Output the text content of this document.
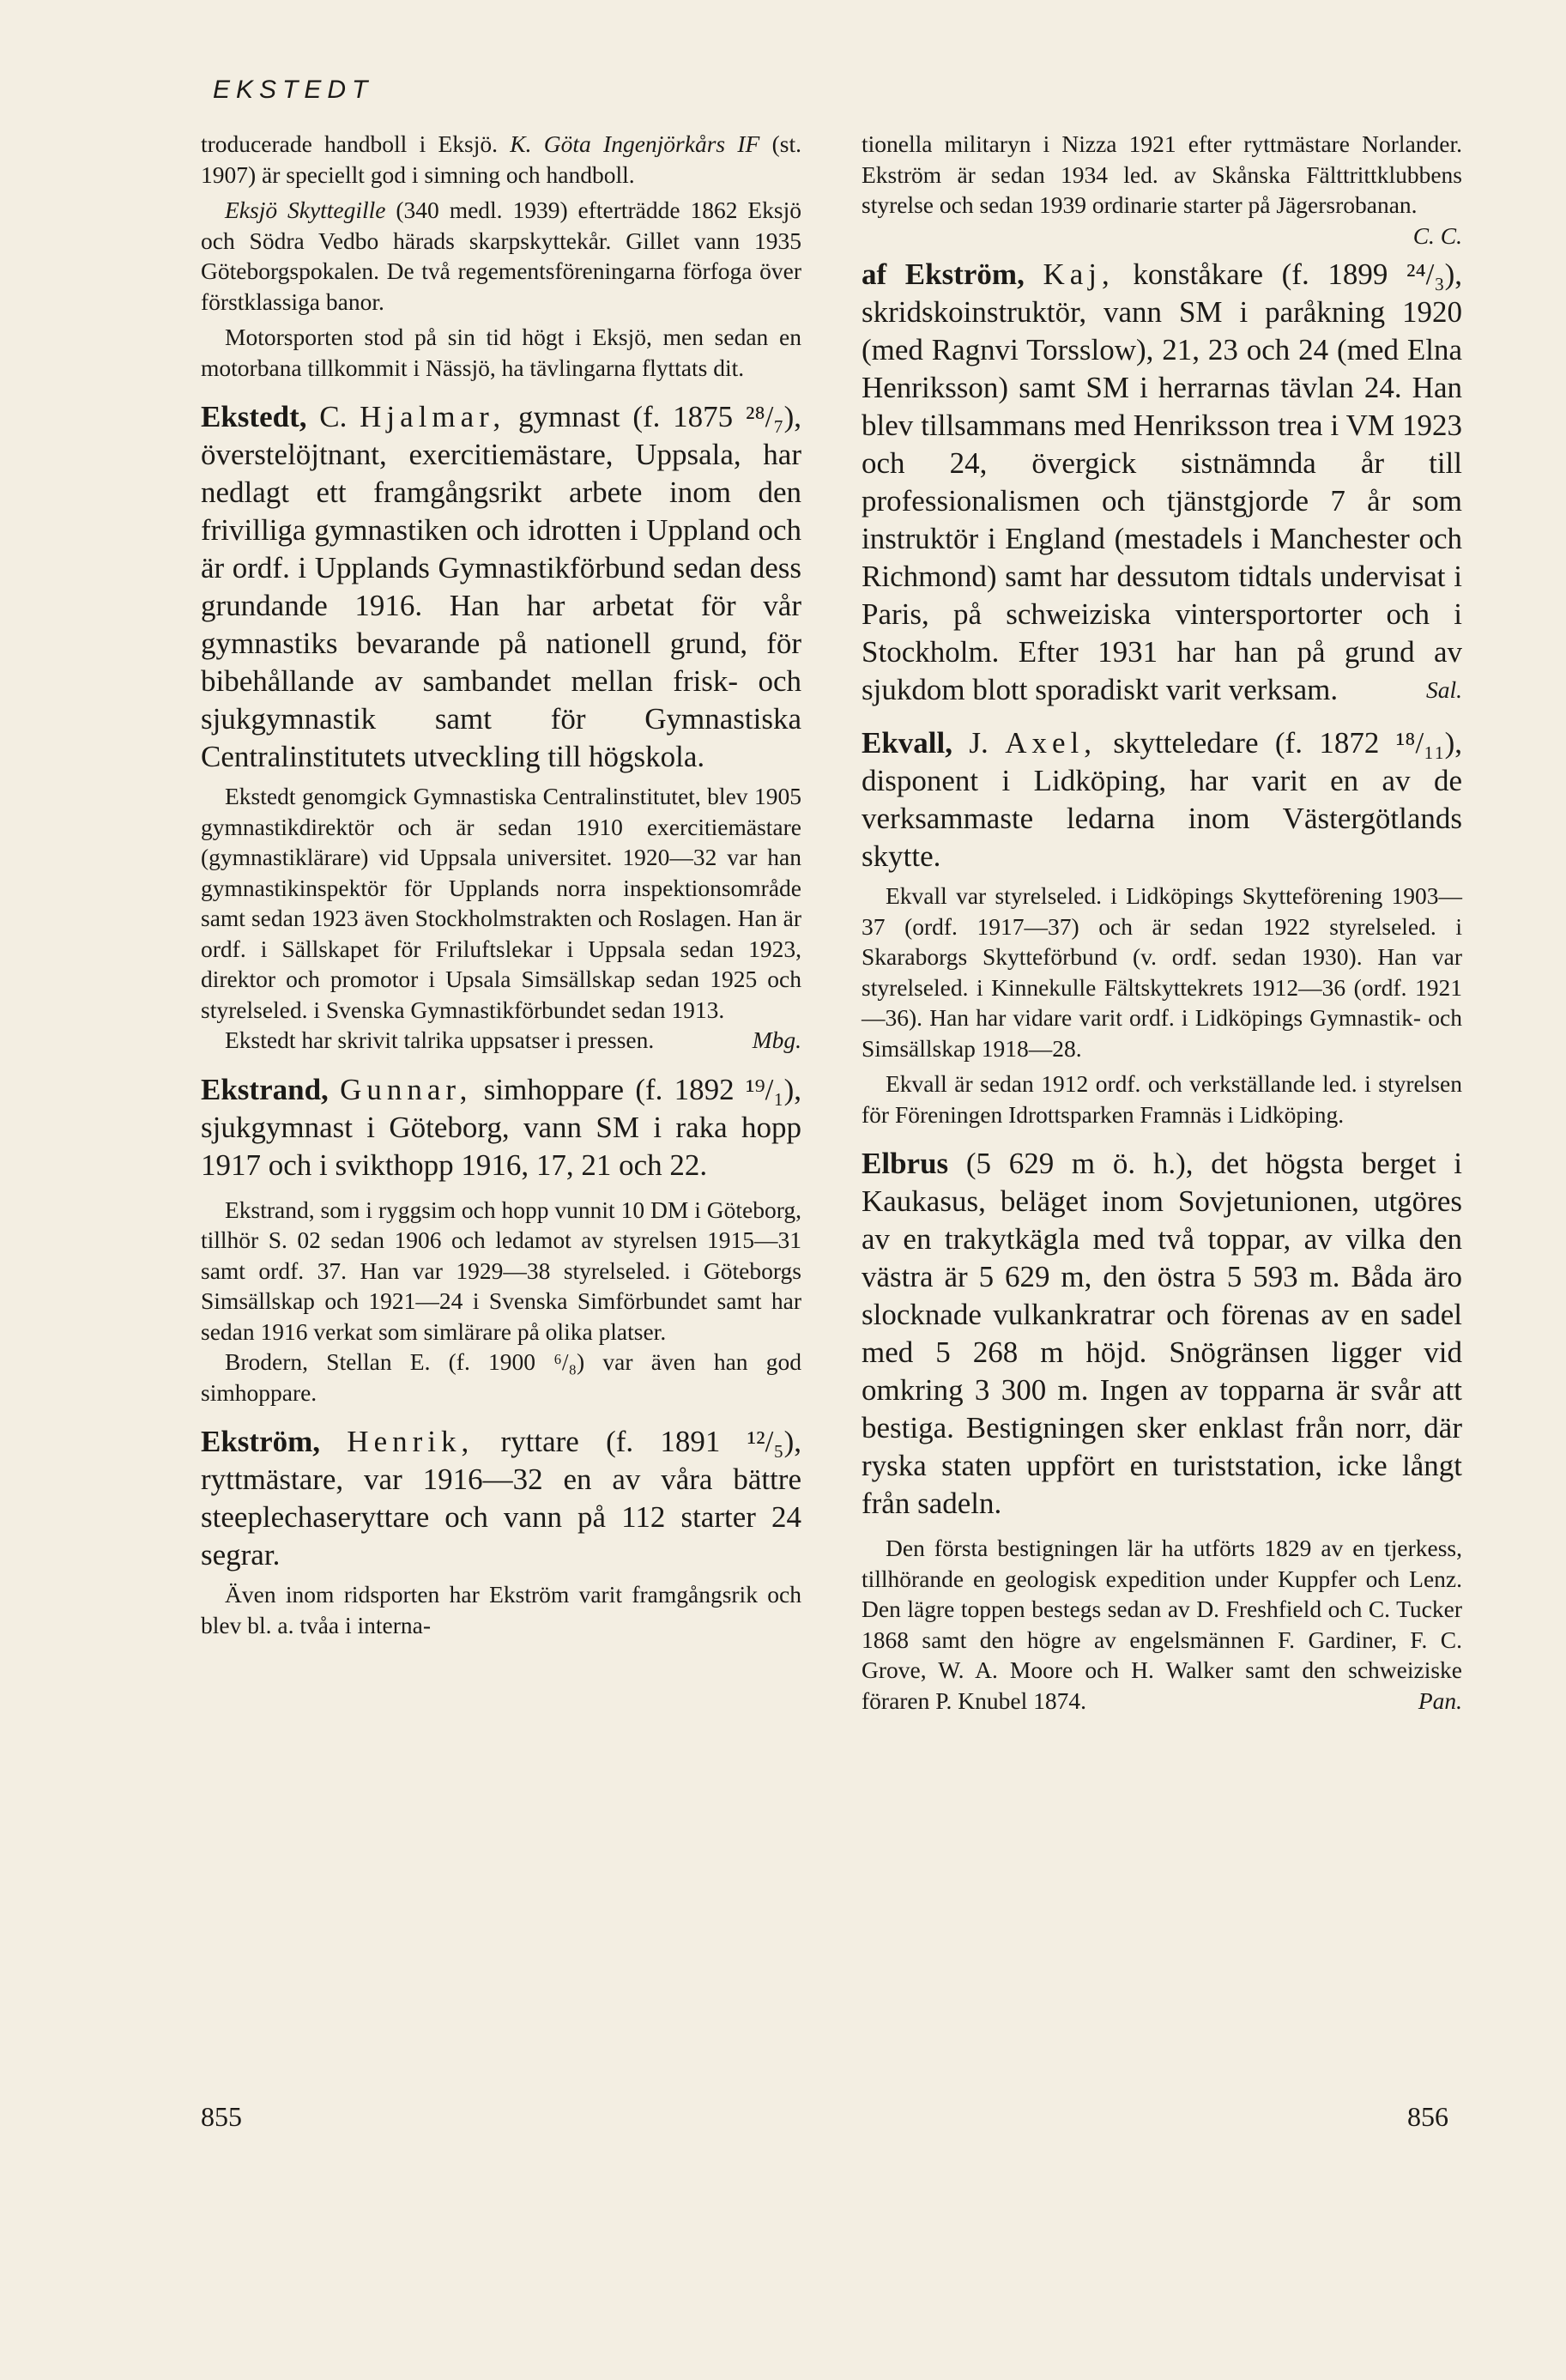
EKSTEDT

troducerade handboll i Eksjö. K. Göta Ingenjörkårs IF (st. 1907) är speciellt god i simning och handboll.

Eksjö Skyttegille (340 medl. 1939) efterträdde 1862 Eksjö och Södra Vedbo härads skarpskyttekår. Gillet vann 1935 Göteborgspokalen. De två regementsföreningarna förfoga över förstklassiga banor.

Motorsporten stod på sin tid högt i Eksjö, men sedan en motorbana tillkommit i Nässjö, ha tävlingarna flyttats dit.

Ekstedt, C. Hjalmar, gymnast (f. 1875 ²⁸/₇), överstelöjtnant, exercitiemästare, Uppsala, har nedlagt ett framgångsrikt arbete inom den frivilliga gymnastiken och idrotten i Uppland och är ordf. i Upplands Gymnastikförbund sedan dess grundande 1916. Han har arbetat för vår gymnastiks bevarande på nationell grund, för bibehållande av sambandet mellan frisk- och sjukgymnastik samt för Gymnastiska Centralinstitutets utveckling till högskola.

Ekstedt genomgick Gymnastiska Centralinstitutet, blev 1905 gymnastikdirektör och är sedan 1910 exercitiemästare (gymnastiklärare) vid Uppsala universitet. 1920—32 var han gymnastikinspektör för Upplands norra inspektionsområde samt sedan 1923 även Stockholmstrakten och Roslagen. Han är ordf. i Sällskapet för Friluftslekar i Uppsala sedan 1923, direktor och promotor i Upsala Simsällskap sedan 1925 och styrelseled. i Svenska Gymnastikförbundet sedan 1913.

Ekstedt har skrivit talrika uppsatser i pressen.	Mbg.

Ekstrand, Gunnar, simhoppare (f. 1892 ¹⁹/₁), sjukgymnast i Göteborg, vann SM i raka hopp 1917 och i svikthopp 1916, 17, 21 och 22.

Ekstrand, som i ryggsim och hopp vunnit 10 DM i Göteborg, tillhör S. 02 sedan 1906 och ledamot av styrelsen 1915—31 samt ordf. 37. Han var 1929—38 styrelseled. i Göteborgs Simsällskap och 1921—24 i Svenska Simförbundet samt har sedan 1916 verkat som simlärare på olika platser.

Brodern, Stellan E. (f. 1900 ⁶/₈) var även han god simhoppare.

Ekström, Henrik, ryttare (f. 1891 ¹²/₅), ryttmästare, var 1916—32 en av våra bättre steeplechaseryttare och vann på 112 starter 24 segrar.

Även inom ridsporten har Ekström varit framgångsrik och blev bl. a. tvåa i interna-

tionella militaryn i Nizza 1921 efter ryttmästare Norlander. Ekström är sedan 1934 led. av Skånska Fälttrittklubbens styrelse och sedan 1939 ordinarie starter på Jägersrobanan.
C. C.

af Ekström, Kaj, konståkare (f. 1899 ²⁴/₃), skridskoinstruktör, vann SM i paråkning 1920 (med Ragnvi Torsslow), 21, 23 och 24 (med Elna Henriksson) samt SM i herrarnas tävlan 24. Han blev tillsammans med Henriksson trea i VM 1923 och 24, övergick sistnämnda år till professionalismen och tjänstgjorde 7 år som instruktör i England (mestadels i Manchester och Richmond) samt har dessutom tidtals undervisat i Paris, på schweiziska vintersportorter och i Stockholm. Efter 1931 har han på grund av sjukdom blott sporadiskt varit verksam.	Sal.

Ekvall, J. Axel, skytteledare (f. 1872 ¹⁸/₁₁), disponent i Lidköping, har varit en av de verksammaste ledarna inom Västergötlands skytte.

Ekvall var styrelseled. i Lidköpings Skytteförening 1903—37 (ordf. 1917—37) och är sedan 1922 styrelseled. i Skaraborgs Skytteförbund (v. ordf. sedan 1930). Han var styrelseled. i Kinnekulle Fältskyttekrets 1912—36 (ordf. 1921—36). Han har vidare varit ordf. i Lidköpings Gymnastik- och Simsällskap 1918—28.

Ekvall är sedan 1912 ordf. och verkställande led. i styrelsen för Föreningen Idrottsparken Framnäs i Lidköping.

Elbrus (5 629 m ö. h.), det högsta berget i Kaukasus, beläget inom Sovjetunionen, utgöres av en trakytkägla med två toppar, av vilka den västra är 5 629 m, den östra 5 593 m. Båda äro slocknade vulkankratrar och förenas av en sadel med 5 268 m höjd. Snögränsen ligger vid omkring 3 300 m. Ingen av topparna är svår att bestiga. Bestigningen sker enklast från norr, där ryska staten uppfört en turiststation, icke långt från sadeln.

Den första bestigningen lär ha utförts 1829 av en tjerkess, tillhörande en geologisk expedition under Kuppfer och Lenz. Den lägre toppen bestegs sedan av D. Freshfield och C. Tucker 1868 samt den högre av engelsmännen F. Gardiner, F. C. Grove, W. A. Moore och H. Walker samt den schweiziske föraren P. Knubel 1874.	Pan.

855	856
